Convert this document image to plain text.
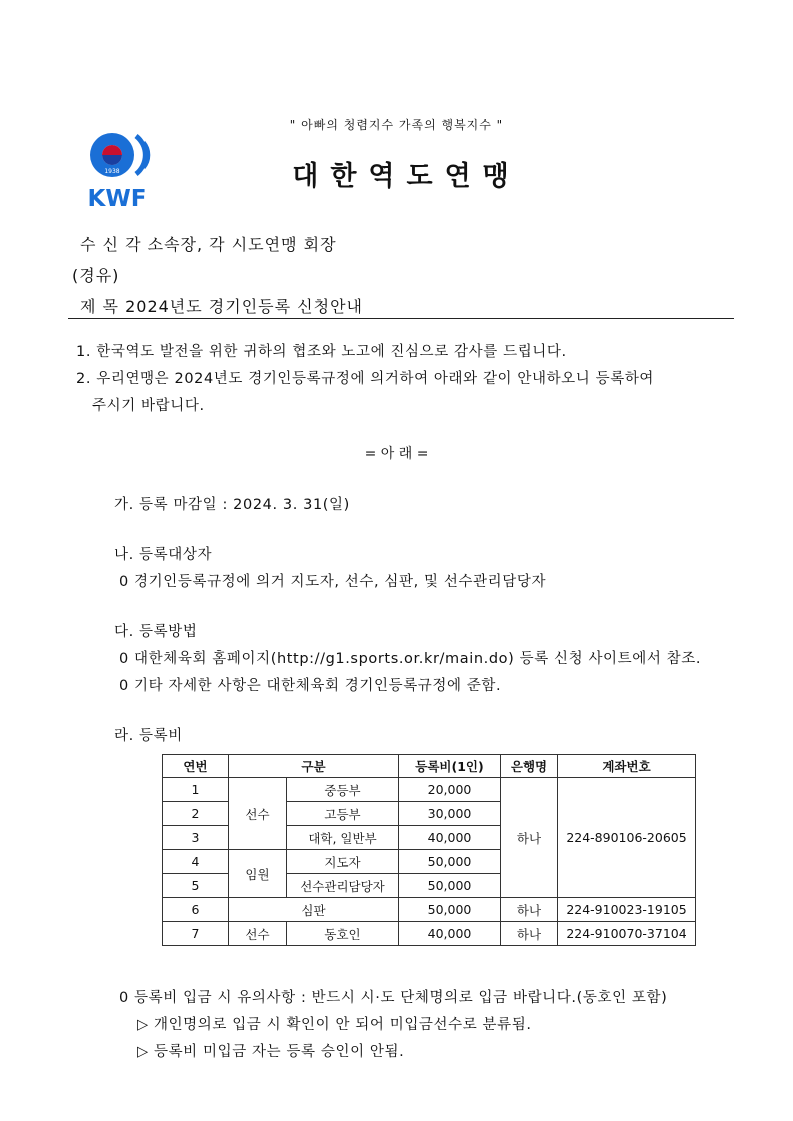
" 아빠의 청렴지수 가족의 행복지수 "
1938
KWF
대한역도연맹
수 신 각 소속장, 각 시도연맹 회장
(경유)
제 목 2024년도 경기인등록 신청안내
1. 한국역도 발전을 위한 귀하의 협조와 노고에 진심으로 감사를 드립니다.
2. 우리연맹은 2024년도 경기인등록규정에 의거하여 아래와 같이 안내하오니 등록하여
주시기 바랍니다.
= 아 래 =
가. 등록 마감일 : 2024. 3. 31(일)
나. 등록대상자
0 경기인등록규정에 의거 지도자, 선수, 심판, 및 선수관리담당자
다. 등록방법
0 대한체육회 홈페이지(http://g1.sports.or.kr/main.do) 등록 신청 사이트에서 참조.
0 기타 자세한 사항은 대한체육회 경기인등록규정에 준함.
라. 등록비
연번	구분		등록비(1인)	은행명	계좌번호
1	선수	중등부	20,000	하나	224-890106-20605
2		고등부	30,000		
3		대학, 일반부	40,000		
4	임원	지도자	50,000		
5		선수관리담당자	50,000		
6	심판		50,000	하나	224-910023-19105
7	선수	동호인	40,000	하나	224-910070-37104
0 등록비 입금 시 유의사항 : 반드시 시·도 단체명의로 입금 바랍니다.(동호인 포함)
▷ 개인명의로 입금 시 확인이 안 되어 미입금선수로 분류됨.
▷ 등록비 미입금 자는 등록 승인이 안됨.
